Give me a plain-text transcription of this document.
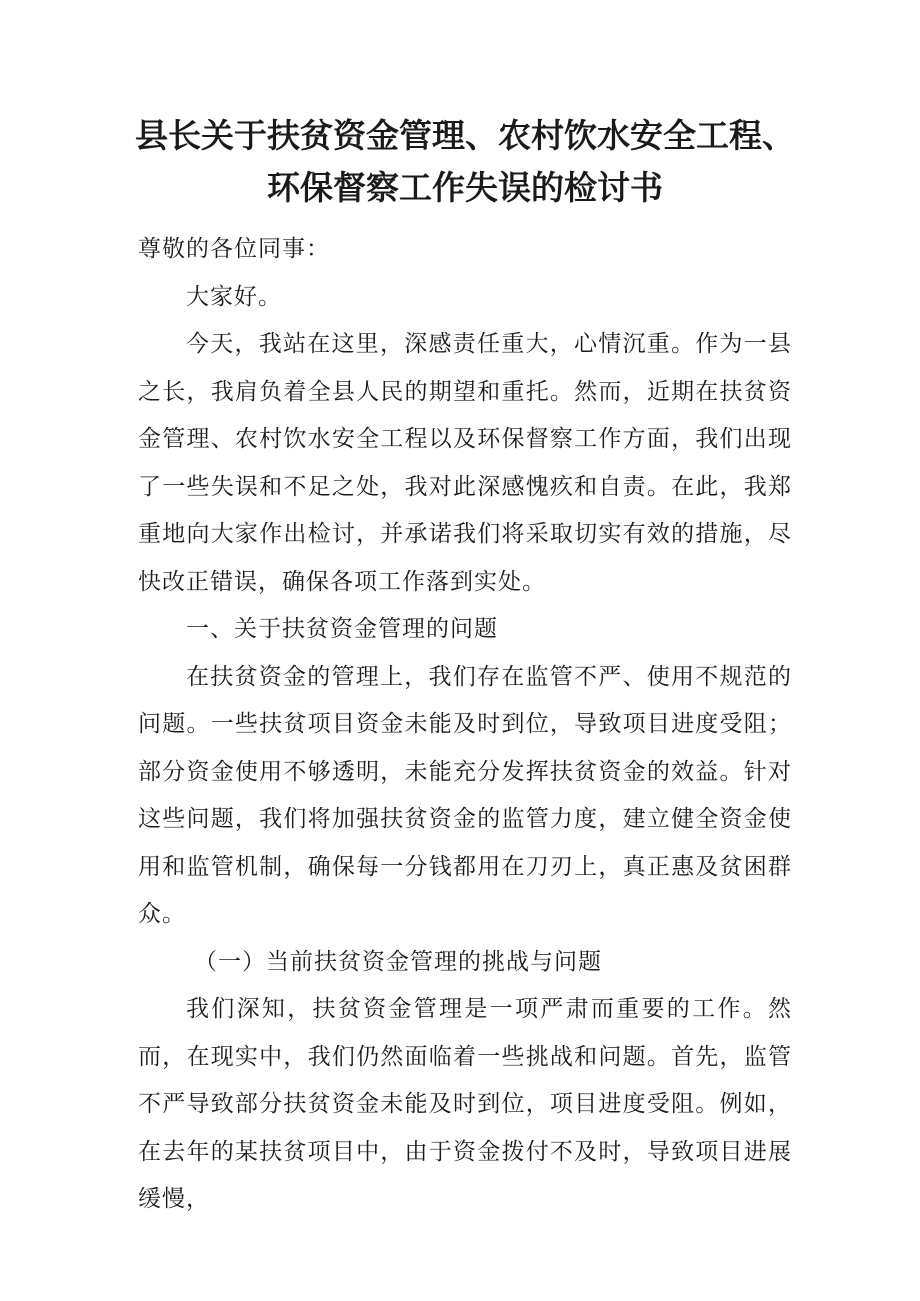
县长关于扶贫资金管理、农村饮水安全工程、环保督察工作失误的检讨书

尊敬的各位同事：

大家好。

今天，我站在这里，深感责任重大，心情沉重。作为一县之长，我肩负着全县人民的期望和重托。然而，近期在扶贫资金管理、农村饮水安全工程以及环保督察工作方面，我们出现了一些失误和不足之处，我对此深感愧疚和自责。在此，我郑重地向大家作出检讨，并承诺我们将采取切实有效的措施，尽快改正错误，确保各项工作落到实处。

一、关于扶贫资金管理的问题

在扶贫资金的管理上，我们存在监管不严、使用不规范的问题。一些扶贫项目资金未能及时到位，导致项目进度受阻；部分资金使用不够透明，未能充分发挥扶贫资金的效益。针对这些问题，我们将加强扶贫资金的监管力度，建立健全资金使用和监管机制，确保每一分钱都用在刀刃上，真正惠及贫困群众。

（一）当前扶贫资金管理的挑战与问题

我们深知，扶贫资金管理是一项严肃而重要的工作。然而，在现实中，我们仍然面临着一些挑战和问题。首先，监管不严导致部分扶贫资金未能及时到位，项目进度受阻。例如，在去年的某扶贫项目中，由于资金拨付不及时，导致项目进展缓慢，
